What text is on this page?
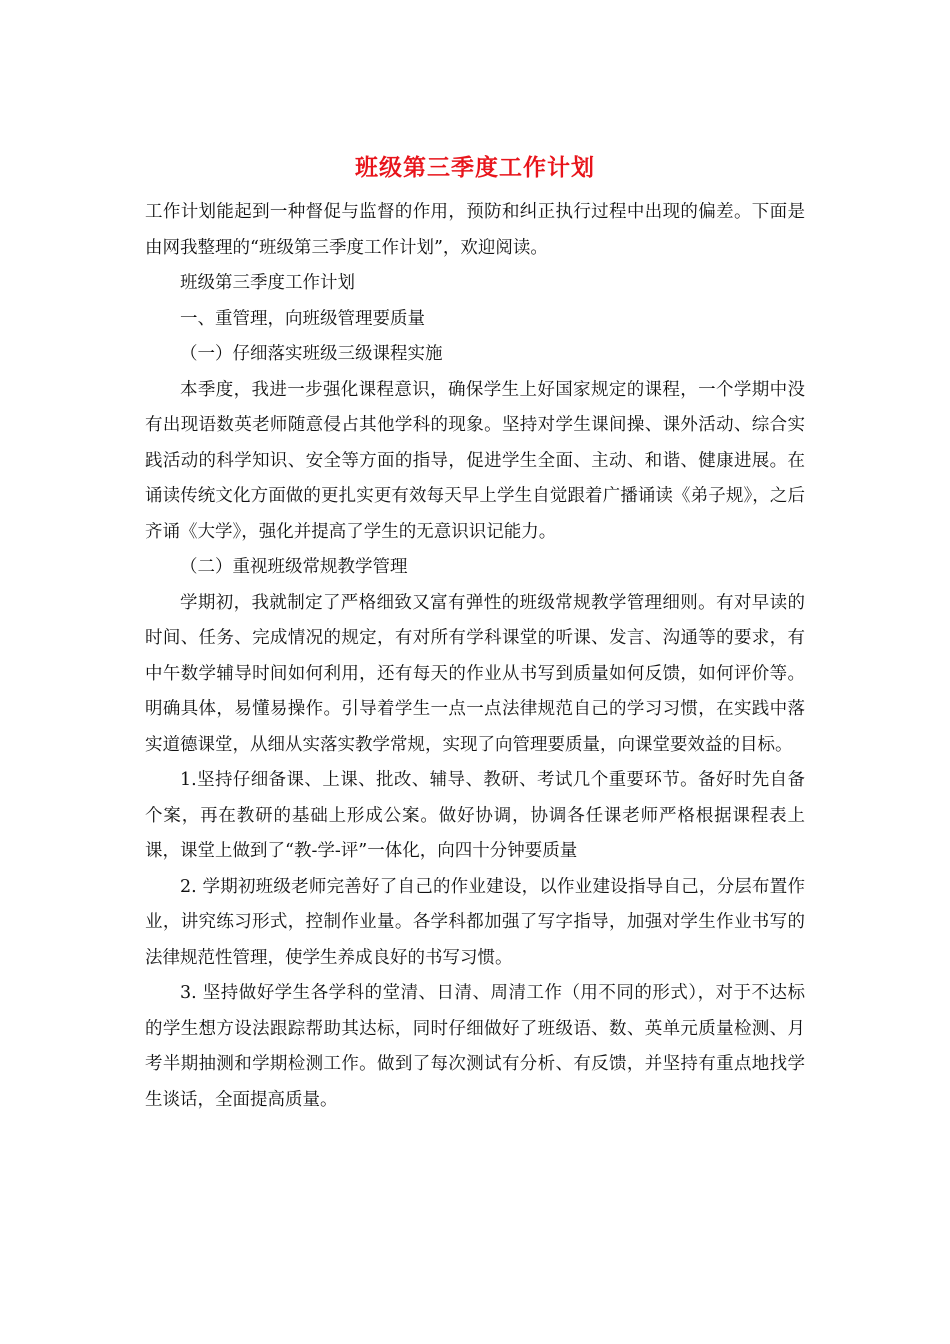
班级第三季度工作计划

工作计划能起到一种督促与监督的作用，预防和纠正执行过程中出现的偏差。下面是由网我整理的“班级第三季度工作计划”，欢迎阅读。

班级第三季度工作计划

一、重管理，向班级管理要质量

（一）仔细落实班级三级课程实施

本季度，我进一步强化课程意识，确保学生上好国家规定的课程，一个学期中没有出现语数英老师随意侵占其他学科的现象。坚持对学生课间操、课外活动、综合实践活动的科学知识、安全等方面的指导，促进学生全面、主动、和谐、健康进展。在诵读传统文化方面做的更扎实更有效每天早上学生自觉跟着广播诵读《弟子规》，之后齐诵《大学》，强化并提高了学生的无意识识记能力。

（二）重视班级常规教学管理

学期初，我就制定了严格细致又富有弹性的班级常规教学管理细则。有对早读的时间、任务、完成情况的规定，有对所有学科课堂的听课、发言、沟通等的要求，有中午数学辅导时间如何利用，还有每天的作业从书写到质量如何反馈，如何评价等。明确具体，易懂易操作。引导着学生一点一点法律规范自己的学习习惯，在实践中落实道德课堂，从细从实落实教学常规，实现了向管理要质量，向课堂要效益的目标。

1.坚持仔细备课、上课、批改、辅导、教研、考试几个重要环节。备好时先自备个案，再在教研的基础上形成公案。做好协调，协调各任课老师严格根据课程表上课，课堂上做到了“教-学-评”一体化，向四十分钟要质量

2. 学期初班级老师完善好了自己的作业建设，以作业建设指导自己，分层布置作业，讲究练习形式，控制作业量。各学科都加强了写字指导，加强对学生作业书写的法律规范性管理，使学生养成良好的书写习惯。

3. 坚持做好学生各学科的堂清、日清、周清工作（用不同的形式），对于不达标的学生想方设法跟踪帮助其达标，同时仔细做好了班级语、数、英单元质量检测、月考半期抽测和学期检测工作。做到了每次测试有分析、有反馈，并坚持有重点地找学生谈话，全面提高质量。
